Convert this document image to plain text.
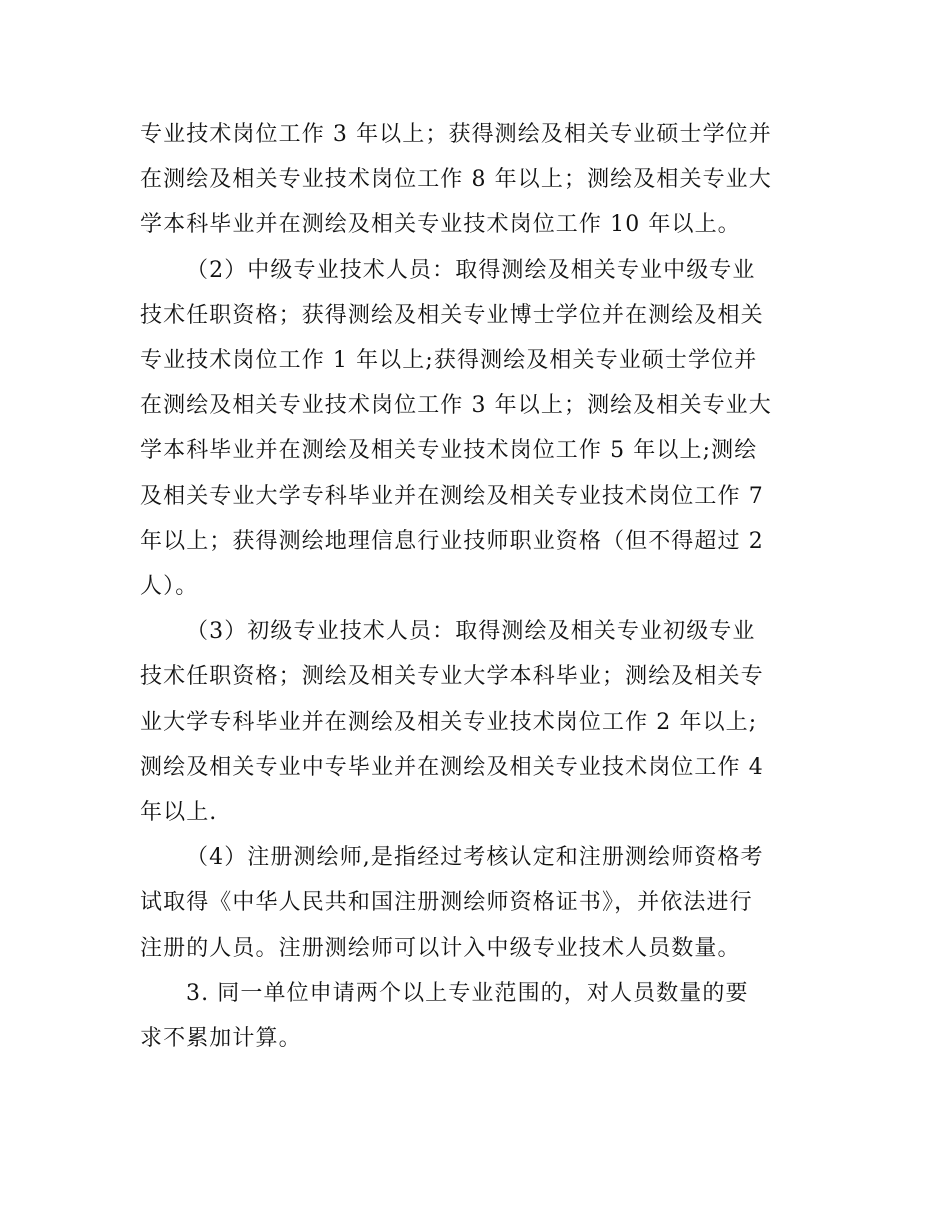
专业技术岗位工作 3 年以上；获得测绘及相关专业硕士学位并
在测绘及相关专业技术岗位工作 8 年以上；测绘及相关专业大
学本科毕业并在测绘及相关专业技术岗位工作 10 年以上。
（2）中级专业技术人员：取得测绘及相关专业中级专业
技术任职资格；获得测绘及相关专业博士学位并在测绘及相关
专业技术岗位工作 1 年以上;获得测绘及相关专业硕士学位并
在测绘及相关专业技术岗位工作 3 年以上；测绘及相关专业大
学本科毕业并在测绘及相关专业技术岗位工作 5 年以上;测绘
及相关专业大学专科毕业并在测绘及相关专业技术岗位工作 7
年以上；获得测绘地理信息行业技师职业资格（但不得超过 2
人）。
（3）初级专业技术人员：取得测绘及相关专业初级专业
技术任职资格；测绘及相关专业大学本科毕业；测绘及相关专
业大学专科毕业并在测绘及相关专业技术岗位工作 2 年以上;
测绘及相关专业中专毕业并在测绘及相关专业技术岗位工作 4
年以上.
（4）注册测绘师,是指经过考核认定和注册测绘师资格考
试取得《中华人民共和国注册测绘师资格证书》，并依法进行
注册的人员。注册测绘师可以计入中级专业技术人员数量。
3. 同一单位申请两个以上专业范围的，对人员数量的要
求不累加计算。
